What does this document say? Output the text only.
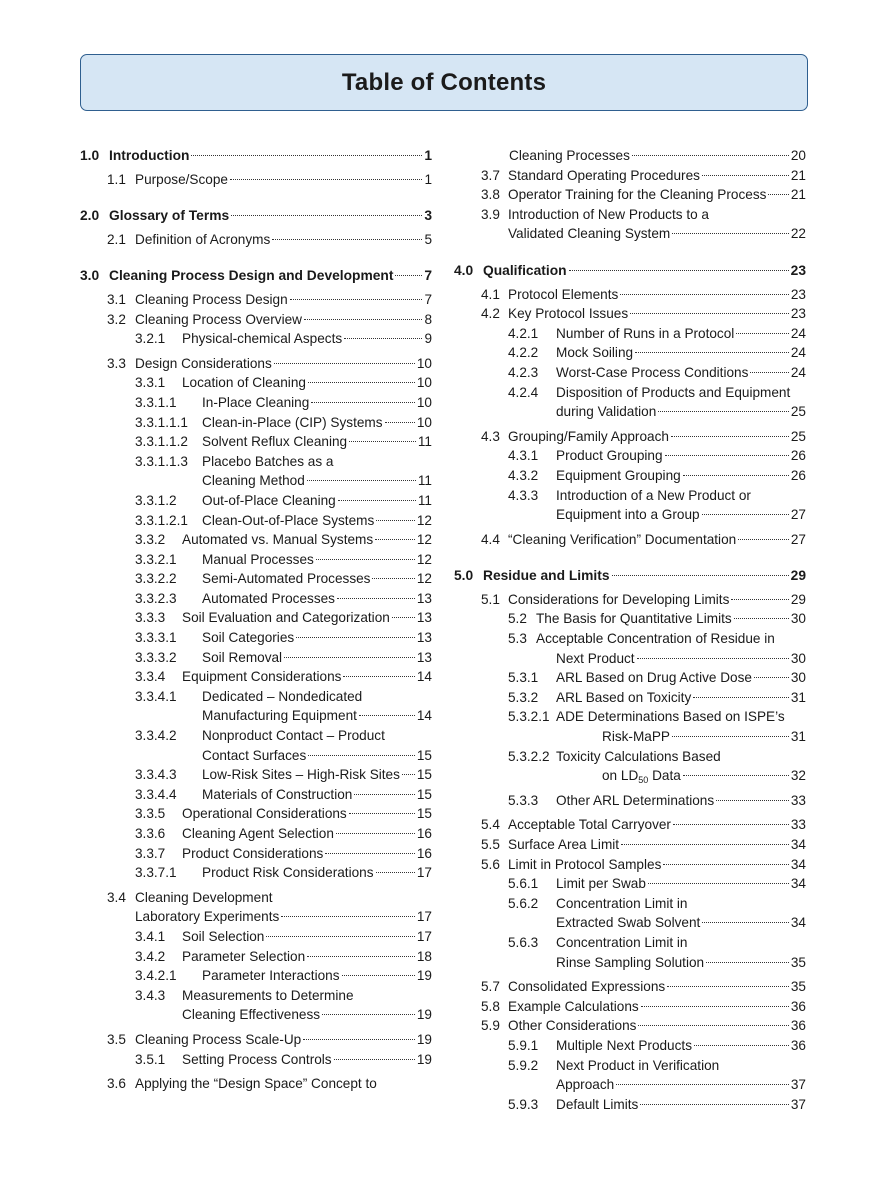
Table of Contents
1.0 Introduction	1
1.1 Purpose/Scope	1
2.0 Glossary of Terms	3
2.1 Definition of Acronyms	5
3.0 Cleaning Process Design and Development 7
3.1 Cleaning Process Design	7
3.2 Cleaning Process Overview	8
3.2.1	Physical-chemical Aspects	9
3.3 Design Considerations	10
3.3.1	Location of Cleaning	10
3.3.1.1	In-Place Cleaning	10
3.3.1.1.1	Clean-in-Place (CIP) Systems	10
3.3.1.1.2	Solvent Reflux Cleaning	11
3.3.1.1.3	Placebo Batches as a
Cleaning Method	11
3.3.1.2	Out-of-Place Cleaning	11
3.3.1.2.1	Clean-Out-of-Place Systems	12
3.3.2	Automated vs. Manual Systems	12
3.3.2.1	Manual Processes	12
3.3.2.2	Semi-Automated Processes	12
3.3.2.3	Automated Processes	13
3.3.3	Soil Evaluation and Categorization 13
3.3.3.1	Soil Categories	13
3.3.3.2	Soil Removal	13
3.3.4	Equipment Considerations	14
3.3.4.1	Dedicated – Nondedicated
Manufacturing Equipment	14
3.3.4.2	Nonproduct Contact – Product
Contact Surfaces	15
3.3.4.3	Low-Risk Sites – High-Risk Sites 15
3.3.4.4	Materials of Construction	15
3.3.5	Operational Considerations	15
3.3.6	Cleaning Agent Selection	16
3.3.7	Product Considerations	16
3.3.7.1	Product Risk Considerations	17
3.4 Cleaning Development
Laboratory Experiments	17
3.4.1	Soil Selection	17
3.4.2	Parameter Selection	18
3.4.2.1	Parameter Interactions	19
3.4.3	Measurements to Determine
Cleaning Effectiveness	19
3.5 Cleaning Process Scale-Up	19
3.5.1	Setting Process Controls	19
3.6 Applying the “Design Space” Concept to
Cleaning Processes	20
3.7 Standard Operating Procedures	21
3.8 Operator Training for the Cleaning Process 21
3.9 Introduction of New Products to a
Validated Cleaning System	22
4.0 Qualification	23
4.1 Protocol Elements	23
4.2 Key Protocol Issues	23
4.2.1	Number of Runs in a Protocol	24
4.2.2	Mock Soiling	24
4.2.3	Worst-Case Process Conditions	24
4.2.4	Disposition of Products and Equipment
during Validation	25
4.3 Grouping/Family Approach	25
4.3.1	Product Grouping	26
4.3.2	Equipment Grouping	26
4.3.3	Introduction of a New Product or
Equipment into a Group	27
4.4 “Cleaning Verification” Documentation	27
5.0 Residue and Limits	29
5.1 Considerations for Developing Limits	29
5.2 The Basis for Quantitative Limits	30
5.3 Acceptable Concentration of Residue in
Next Product	30
5.3.1	ARL Based on Drug Active Dose	30
5.3.2	ARL Based on Toxicity	31
5.3.2.1 ADE Determinations Based on ISPE’s
Risk-MaPP	31
5.3.2.2 Toxicity Calculations Based
on $LD_{50}$ Data	32
5.3.3	Other ARL Determinations	33
5.4 Acceptable Total Carryover	33
5.5 Surface Area Limit	34
5.6 Limit in Protocol Samples	34
5.6.1	Limit per Swab	34
5.6.2	Concentration Limit in
Extracted Swab Solvent	34
5.6.3	Concentration Limit in
Rinse Sampling Solution	35
5.7 Consolidated Expressions	35
5.8 Example Calculations	36
5.9 Other Considerations	36
5.9.1	Multiple Next Products	36
5.9.2	Next Product in Verification
Approach	37
5.9.3	Default Limits	37
